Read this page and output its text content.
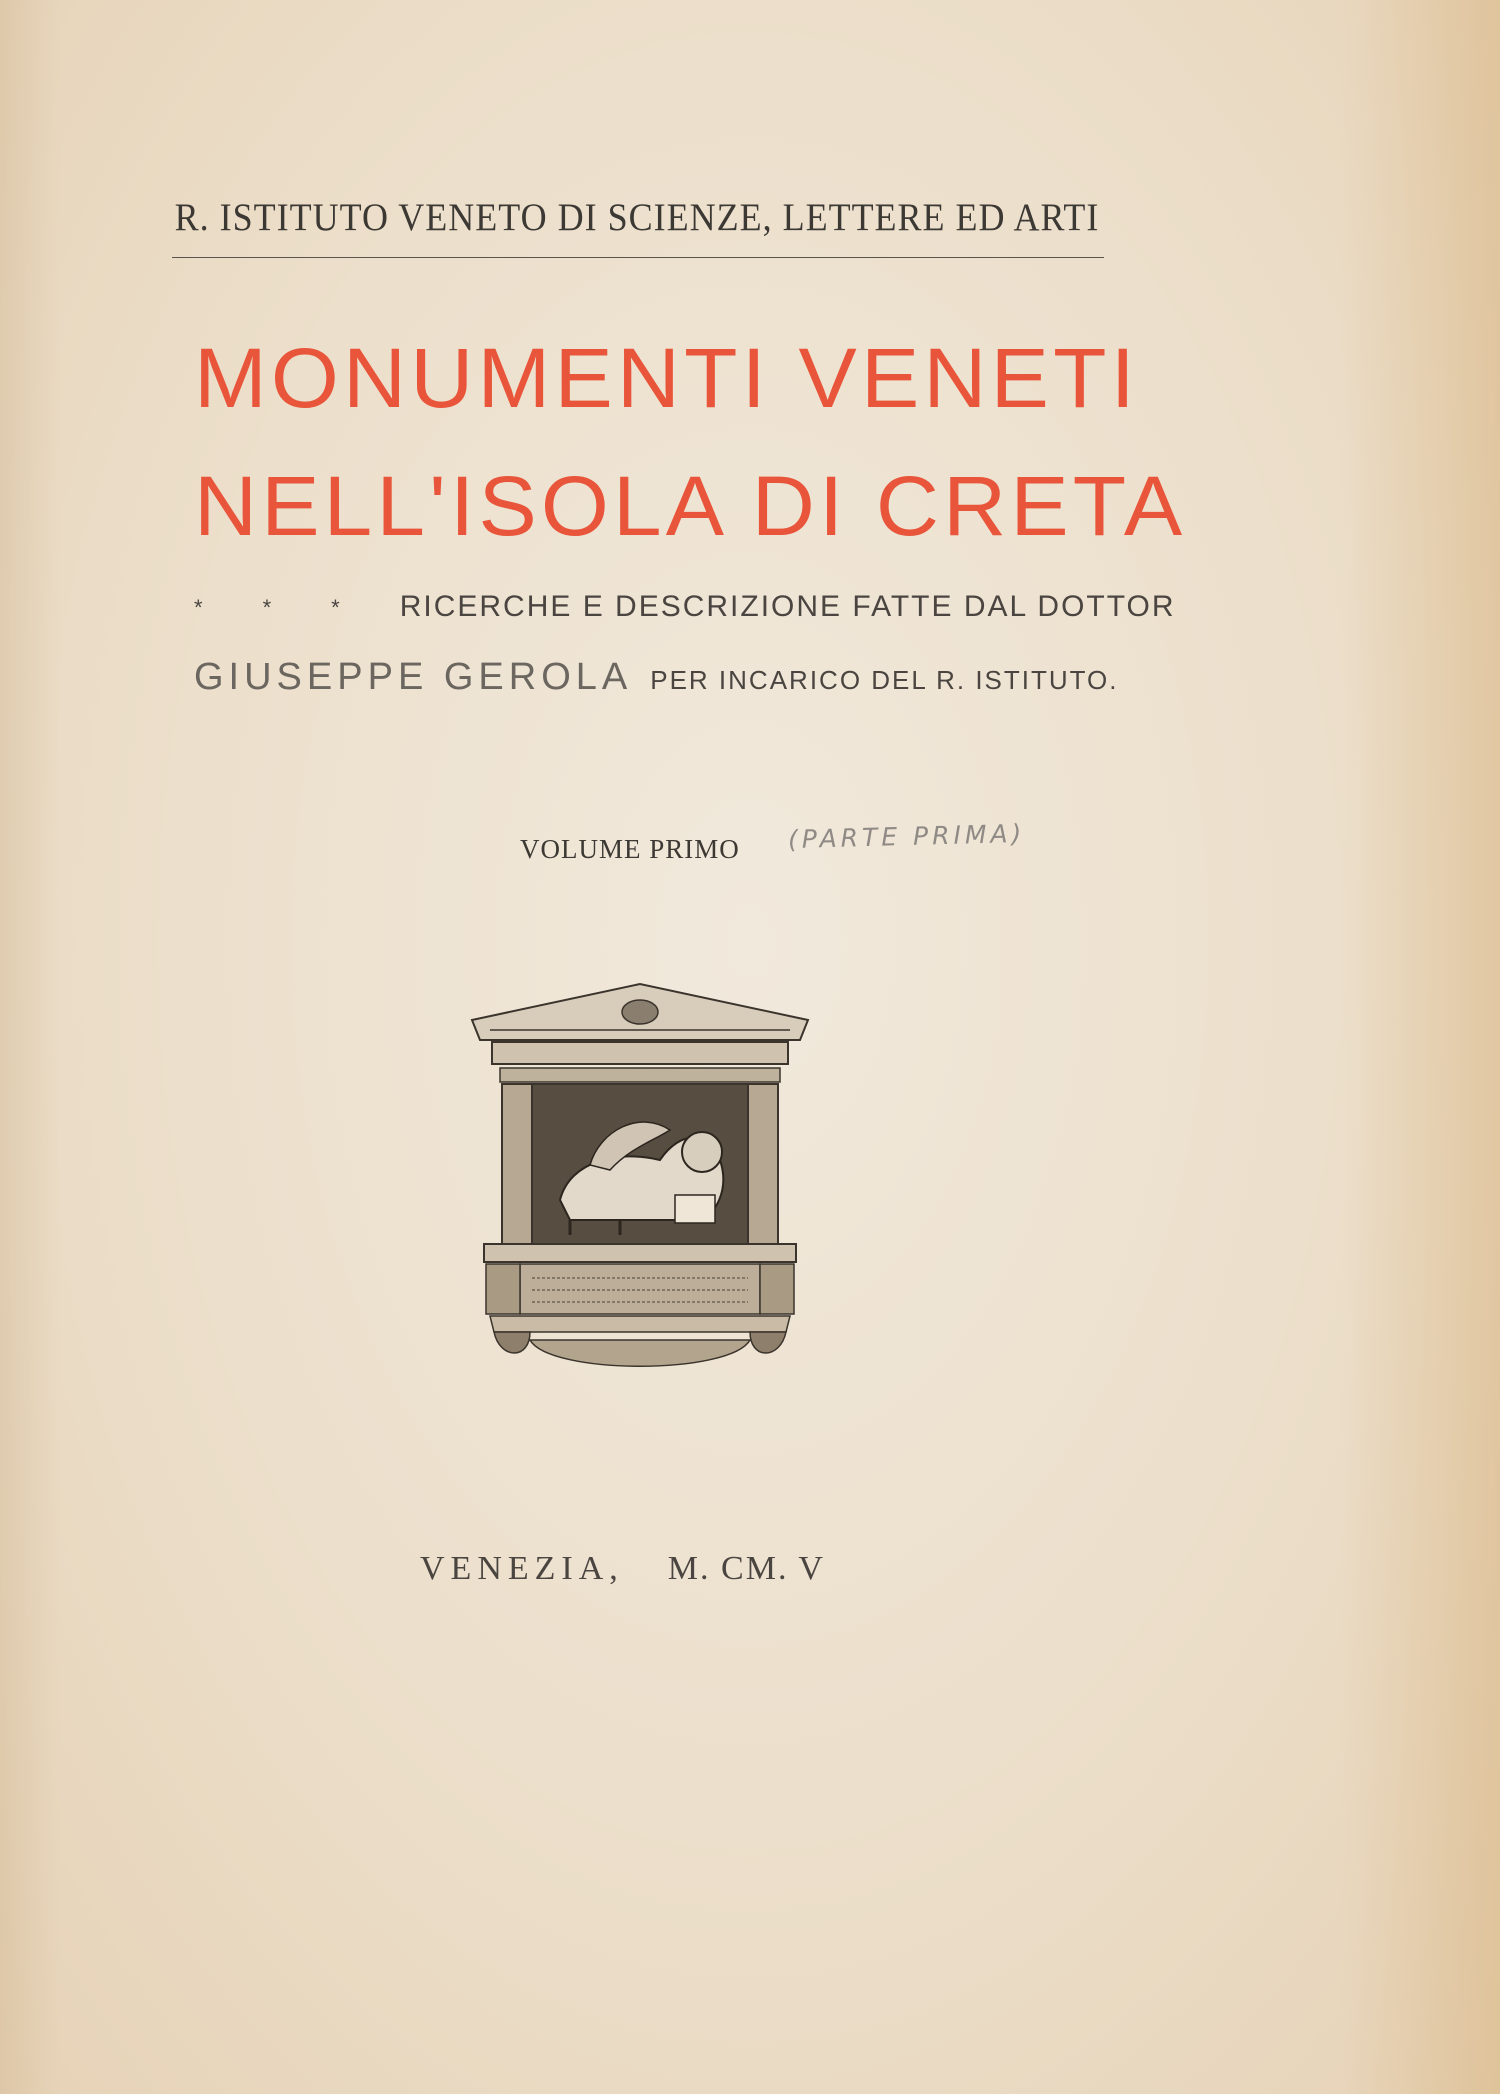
R. ISTITUTO VENETO DI SCIENZE, LETTERE ED ARTI
MONUMENTI VENETI
NELL'ISOLA DI CRETA
*	*	* RICERCHE E DESCRIZIONE FATTE DAL DOTTOR
GIUSEPPE GEROLA PER INCARICO DEL R. ISTITUTO.
VOLUME PRIMO (PARTE PRIMA)
VENEZIA, M. CM. V
